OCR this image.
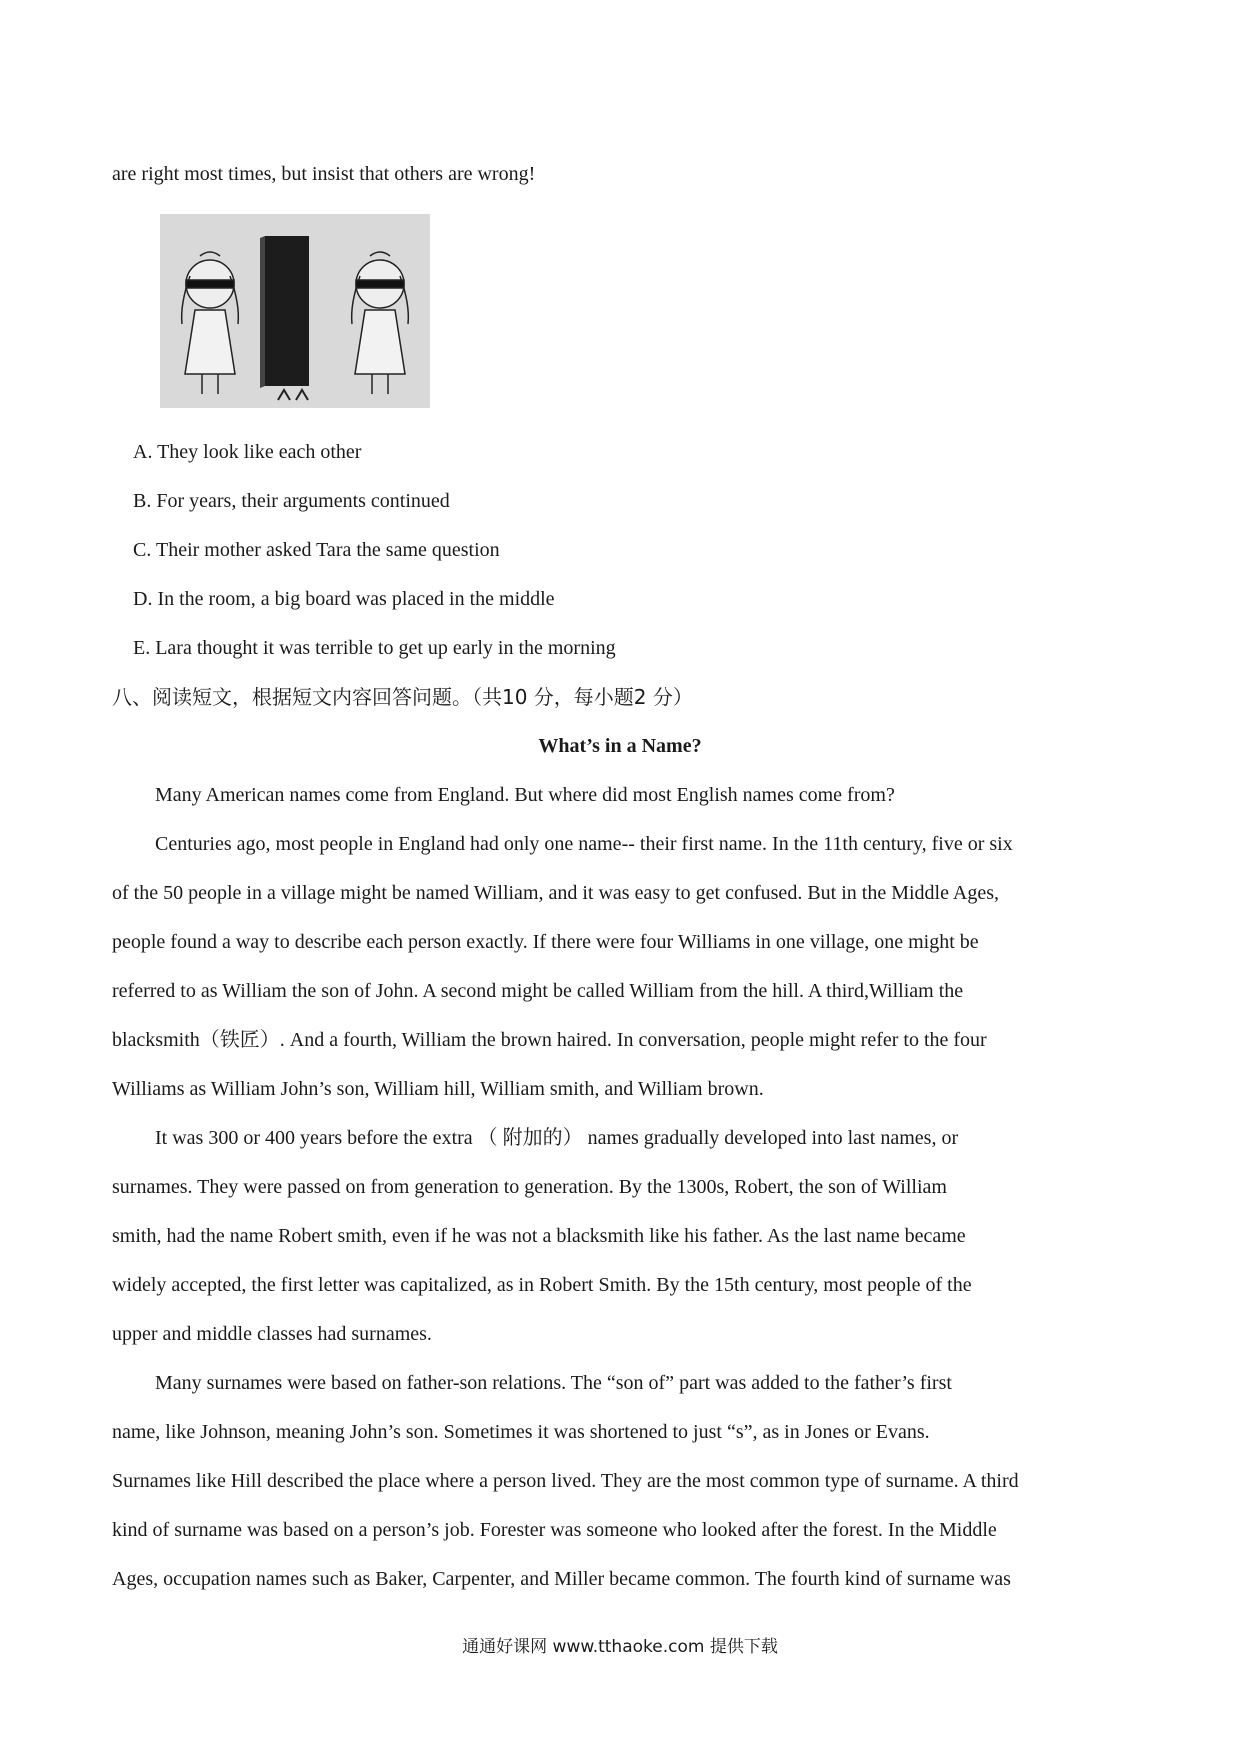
are right most times, but insist that others are wrong!
A. They look like each other
B. For years, their arguments continued
C. Their mother asked Tara the same question
D. In the room, a big board was placed in the middle
E. Lara thought it was terrible to get up early in the morning
八、阅读短文，根据短文内容回答问题。（共10 分，每小题2 分）
What’s in a Name?
Many American names come from England. But where did most English names come from?
Centuries ago, most people in England had only one name-- their first name. In the 11th century, five or six
of the 50 people in a village might be named William, and it was easy to get confused. But in the Middle Ages,
people found a way to describe each person exactly. If there were four Williams in one village, one might be
referred to as William the son of John. A second might be called William from the hill. A third,William the
blacksmith（铁匠）. And a fourth, William the brown haired. In conversation, people might refer to the four
Williams as William John’s son, William hill, William smith, and William brown.
It was 300 or 400 years before the extra （ 附加的） names gradually developed into last names, or
surnames. They were passed on from generation to generation. By the 1300s, Robert, the son of William
smith, had the name Robert smith, even if he was not a blacksmith like his father. As the last name became
widely accepted, the first letter was capitalized, as in Robert Smith. By the 15th century, most people of the
upper and middle classes had surnames.
Many surnames were based on father-son relations. The “son of” part was added to the father’s first
name, like Johnson, meaning John’s son. Sometimes it was shortened to just “s”, as in Jones or Evans.
Surnames like Hill described the place where a person lived. They are the most common type of surname. A third
kind of surname was based on a person’s job. Forester was someone who looked after the forest. In the Middle
Ages, occupation names such as Baker, Carpenter, and Miller became common. The fourth kind of surname was
通通好课网 www.tthaoke.com 提供下载
